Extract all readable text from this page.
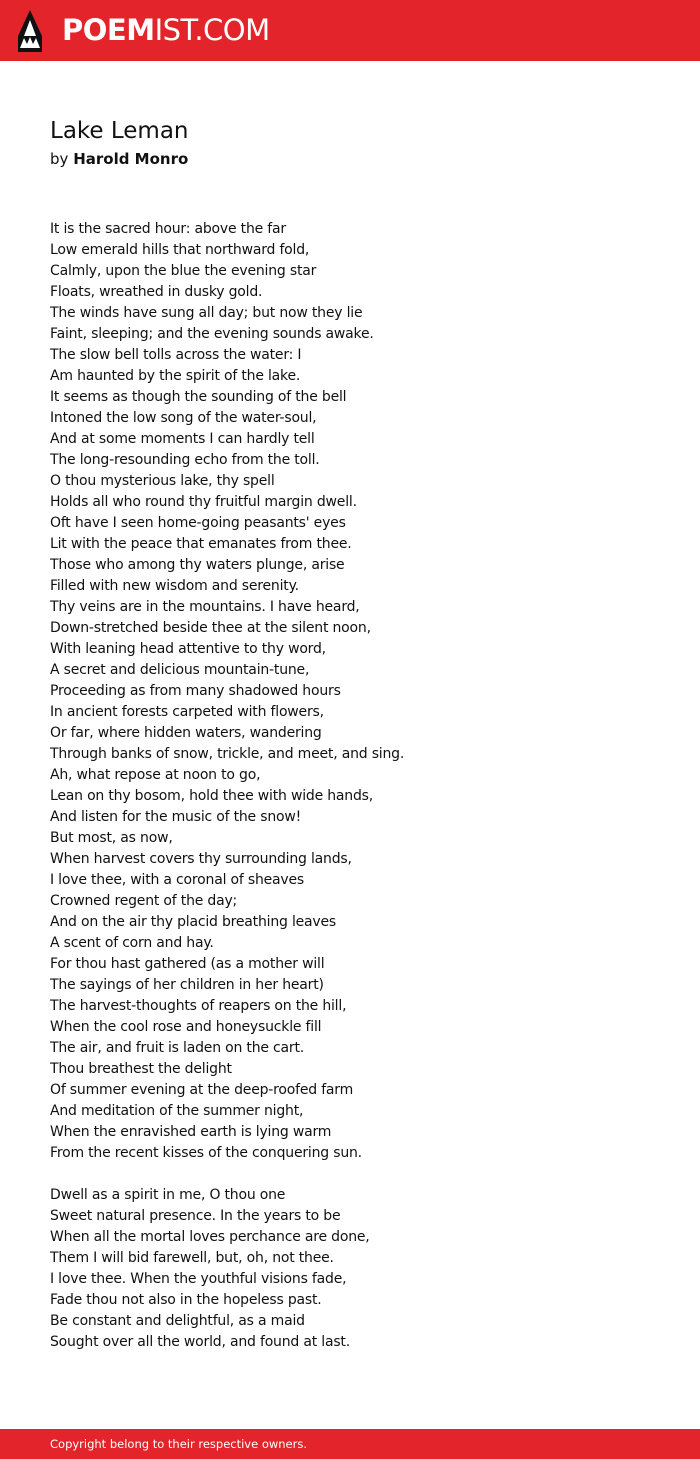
POEMIST.COM
Lake Leman
by Harold Monro
It is the sacred hour: above the far
Low emerald hills that northward fold,
Calmly, upon the blue the evening star
Floats, wreathed in dusky gold.
The winds have sung all day; but now they lie
Faint, sleeping; and the evening sounds awake.
The slow bell tolls across the water: I
Am haunted by the spirit of the lake.
It seems as though the sounding of the bell
Intoned the low song of the water-soul,
And at some moments I can hardly tell
The long-resounding echo from the toll.
O thou mysterious lake, thy spell
Holds all who round thy fruitful margin dwell.
Oft have I seen home-going peasants' eyes
Lit with the peace that emanates from thee.
Those who among thy waters plunge, arise
Filled with new wisdom and serenity.
Thy veins are in the mountains. I have heard,
Down-stretched beside thee at the silent noon,
With leaning head attentive to thy word,
A secret and delicious mountain-tune,
Proceeding as from many shadowed hours
In ancient forests carpeted with flowers,
Or far, where hidden waters, wandering
Through banks of snow, trickle, and meet, and sing.
Ah, what repose at noon to go,
Lean on thy bosom, hold thee with wide hands,
And listen for the music of the snow!
But most, as now,
When harvest covers thy surrounding lands,
I love thee, with a coronal of sheaves
Crowned regent of the day;
And on the air thy placid breathing leaves
A scent of corn and hay.
For thou hast gathered (as a mother will
The sayings of her children in her heart)
The harvest-thoughts of reapers on the hill,
When the cool rose and honeysuckle fill
The air, and fruit is laden on the cart.
Thou breathest the delight
Of summer evening at the deep-roofed farm
And meditation of the summer night,
When the enravished earth is lying warm
From the recent kisses of the conquering sun.
Dwell as a spirit in me, O thou one
Sweet natural presence. In the years to be
When all the mortal loves perchance are done,
Them I will bid farewell, but, oh, not thee.
I love thee. When the youthful visions fade,
Fade thou not also in the hopeless past.
Be constant and delightful, as a maid
Sought over all the world, and found at last.
Copyright belong to their respective owners.
